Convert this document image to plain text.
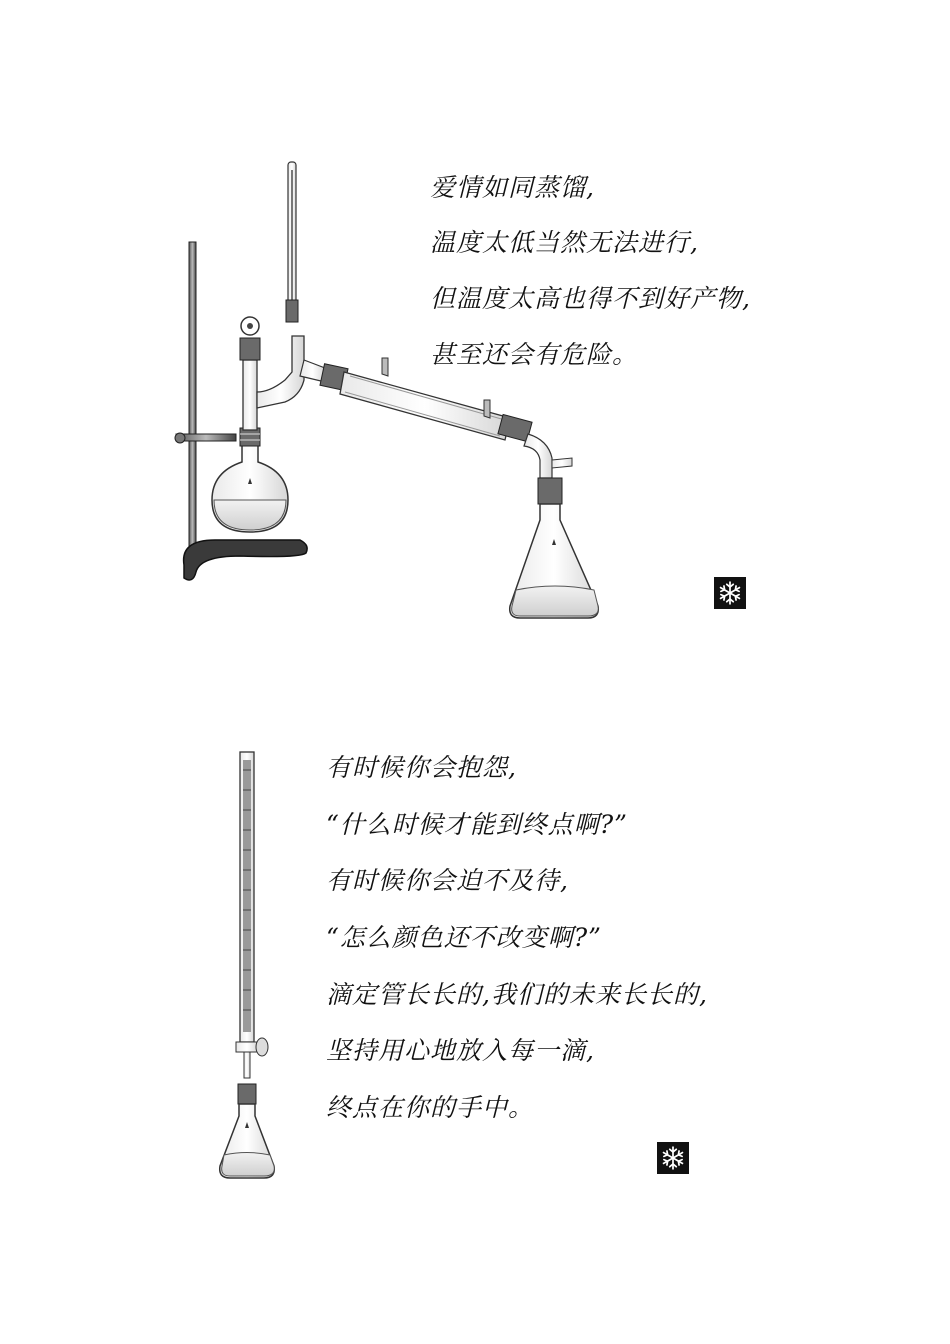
爱情如同蒸馏,
温度太低当然无法进行,
但温度太高也得不到好产物,
甚至还会有危险。
有时候你会抱怨,
“什么时候才能到终点啊?”
有时候你会迫不及待,
“怎么颜色还不改变啊?”
滴定管长长的,我们的未来长长的,
坚持用心地放入每一滴,
终点在你的手中。
